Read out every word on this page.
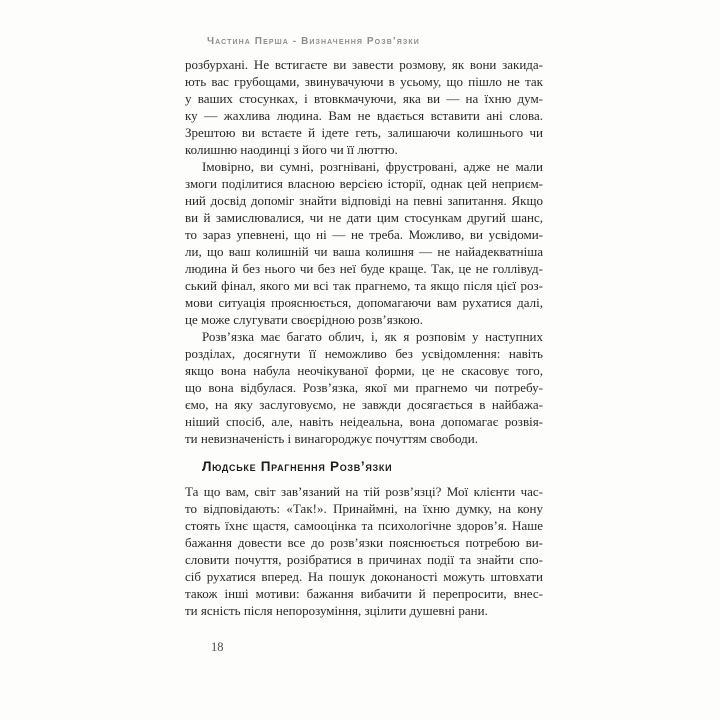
Частина Перша - Визначення Розв’язки
розбурхані. Не встигаєте ви завести розмову, як вони закида-
ють вас грубощами, звинувачуючи в усьому, що пішло не так
у ваших стосунках, і втовкмачуючи, яка ви — на їхню дум-
ку — жахлива людина. Вам не вдається вставити ані слова.
Зрештою ви встаєте й ідете геть, залишаючи колишнього чи
колишню наодинці з його чи її люттю.
Імовірно, ви сумні, розгнівані, фрустровані, адже не мали
змоги поділитися власною версією історії, однак цей неприєм-
ний досвід допоміг знайти відповіді на певні запитання. Якщо
ви й замислювалися, чи не дати цим стосункам другий шанс,
то зараз упевнені, що ні — не треба. Можливо, ви усвідоми-
ли, що ваш колишній чи ваша колишня — не найадекватніша
людина й без нього чи без неї буде краще. Так, це не голлівуд-
ський фінал, якого ми всі так прагнемо, та якщо після цієї роз-
мови ситуація прояснюється, допомагаючи вам рухатися далі,
це може слугувати своєрідною розв’язкою.
Розв’язка має багато облич, і, як я розповім у наступних
розділах, досягнути її неможливо без усвідомлення: навіть
якщо вона набула неочікуваної форми, це не скасовує того,
що вона відбулася. Розв’язка, якої ми прагнемо чи потребу-
ємо, на яку заслуговуємо, не завжди досягається в найбажа-
ніший спосіб, але, навіть неідеальна, вона допомагає розвія-
ти невизначеність і винагороджує почуттям свободи.
Людське Прагнення Розв’язки
Та що вам, світ зав’язаний на тій розв’язці? Мої клієнти час-
то відповідають: «Так!». Принаймні, на їхню думку, на кону
стоять їхнє щастя, самооцінка та психологічне здоров’я. Наше
бажання довести все до розв’язки пояснюється потребою ви-
словити почуття, розібратися в причинах події та знайти спо-
сіб рухатися вперед. На пошук доконаності можуть штовхати
також інші мотиви: бажання вибачити й перепросити, внес-
ти ясність після непорозуміння, зцілити душевні рани.
18
